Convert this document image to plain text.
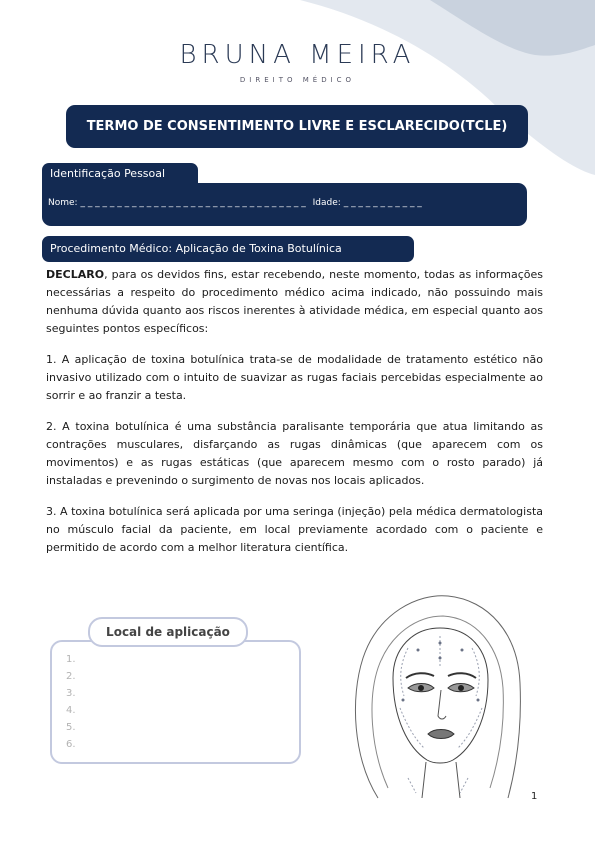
BRUNA MEIRA
DIREITO MÉDICO
TERMO DE CONSENTIMENTO LIVRE E ESCLARECIDO(TCLE)
Identificação Pessoal
Nome: _ _ _ _ _ _ _ _ _ _ _ _ _ _ _ _ _ _ _ _ _ _ _ _ _ _ _ _ _ _ _ Idade: _ _ _ _ _ _ _ _ _ _ _
Procedimento Médico: Aplicação de Toxina Botulínica

DECLARO, para os devidos fins, estar recebendo, neste momento, todas as informações necessárias a respeito do procedimento médico acima indicado, não possuindo mais nenhuma dúvida quanto aos riscos inerentes à atividade médica, em especial quanto aos seguintes pontos específicos:

1. A aplicação de toxina botulínica trata-se de modalidade de tratamento estético não invasivo utilizado com o intuito de suavizar as rugas faciais percebidas especialmente ao sorrir e ao franzir a testa.

2. A toxina botulínica é uma substância paralisante temporária que atua limitando as contrações musculares, disfarçando as rugas dinâmicas (que aparecem com os movimentos) e as rugas estáticas (que aparecem mesmo com o rosto parado) já instaladas e prevenindo o surgimento de novas nos locais aplicados.

3. A toxina botulínica será aplicada por uma seringa (injeção) pela médica dermatologista no músculo facial da paciente, em local previamente acordado com o paciente e permitido de acordo com a melhor literatura científica.

Local de aplicação
1.
2.
3.
4.
5.
6.
1
